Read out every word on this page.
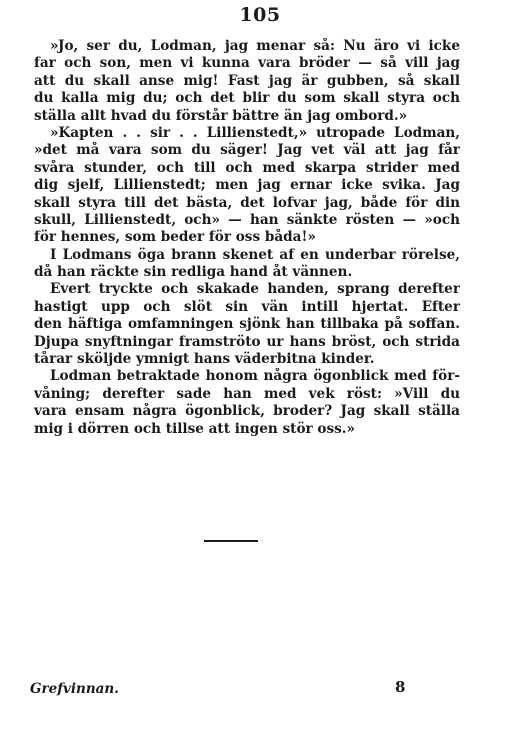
105
»Jo, ser du, Lodman, jag menar så: Nu äro vi icke
far och son, men vi kunna vara bröder — så vill jag
att du skall anse mig! Fast jag är gubben, så skall
du kalla mig du; och det blir du som skall styra och
ställa allt hvad du förstår bättre än jag ombord.»
»Kapten . . sir . . Lillienstedt,» utropade Lodman,
»det må vara som du säger! Jag vet väl att jag får
svåra stunder, och till och med skarpa strider med
dig sjelf, Lillienstedt; men jag ernar icke svika. Jag
skall styra till det bästa, det lofvar jag, både för din
skull, Lillienstedt, och» — han sänkte rösten — »och
för hennes, som beder för oss båda!»
I Lodmans öga brann skenet af en underbar rörelse,
då han räckte sin redliga hand åt vännen.
Evert tryckte och skakade handen, sprang derefter
hastigt upp och slöt sin vän intill hjertat. Efter
den häftiga omfamningen sjönk han tillbaka på soffan.
Djupa snyftningar framströto ur hans bröst, och strida
tårar sköljde ymnigt hans väderbitna kinder.
Lodman betraktade honom några ögonblick med för-
våning; derefter sade han med vek röst: »Vill du
vara ensam några ögonblick, broder? Jag skall ställa
mig i dörren och tillse att ingen stör oss.»
Grefvinnan.	8
